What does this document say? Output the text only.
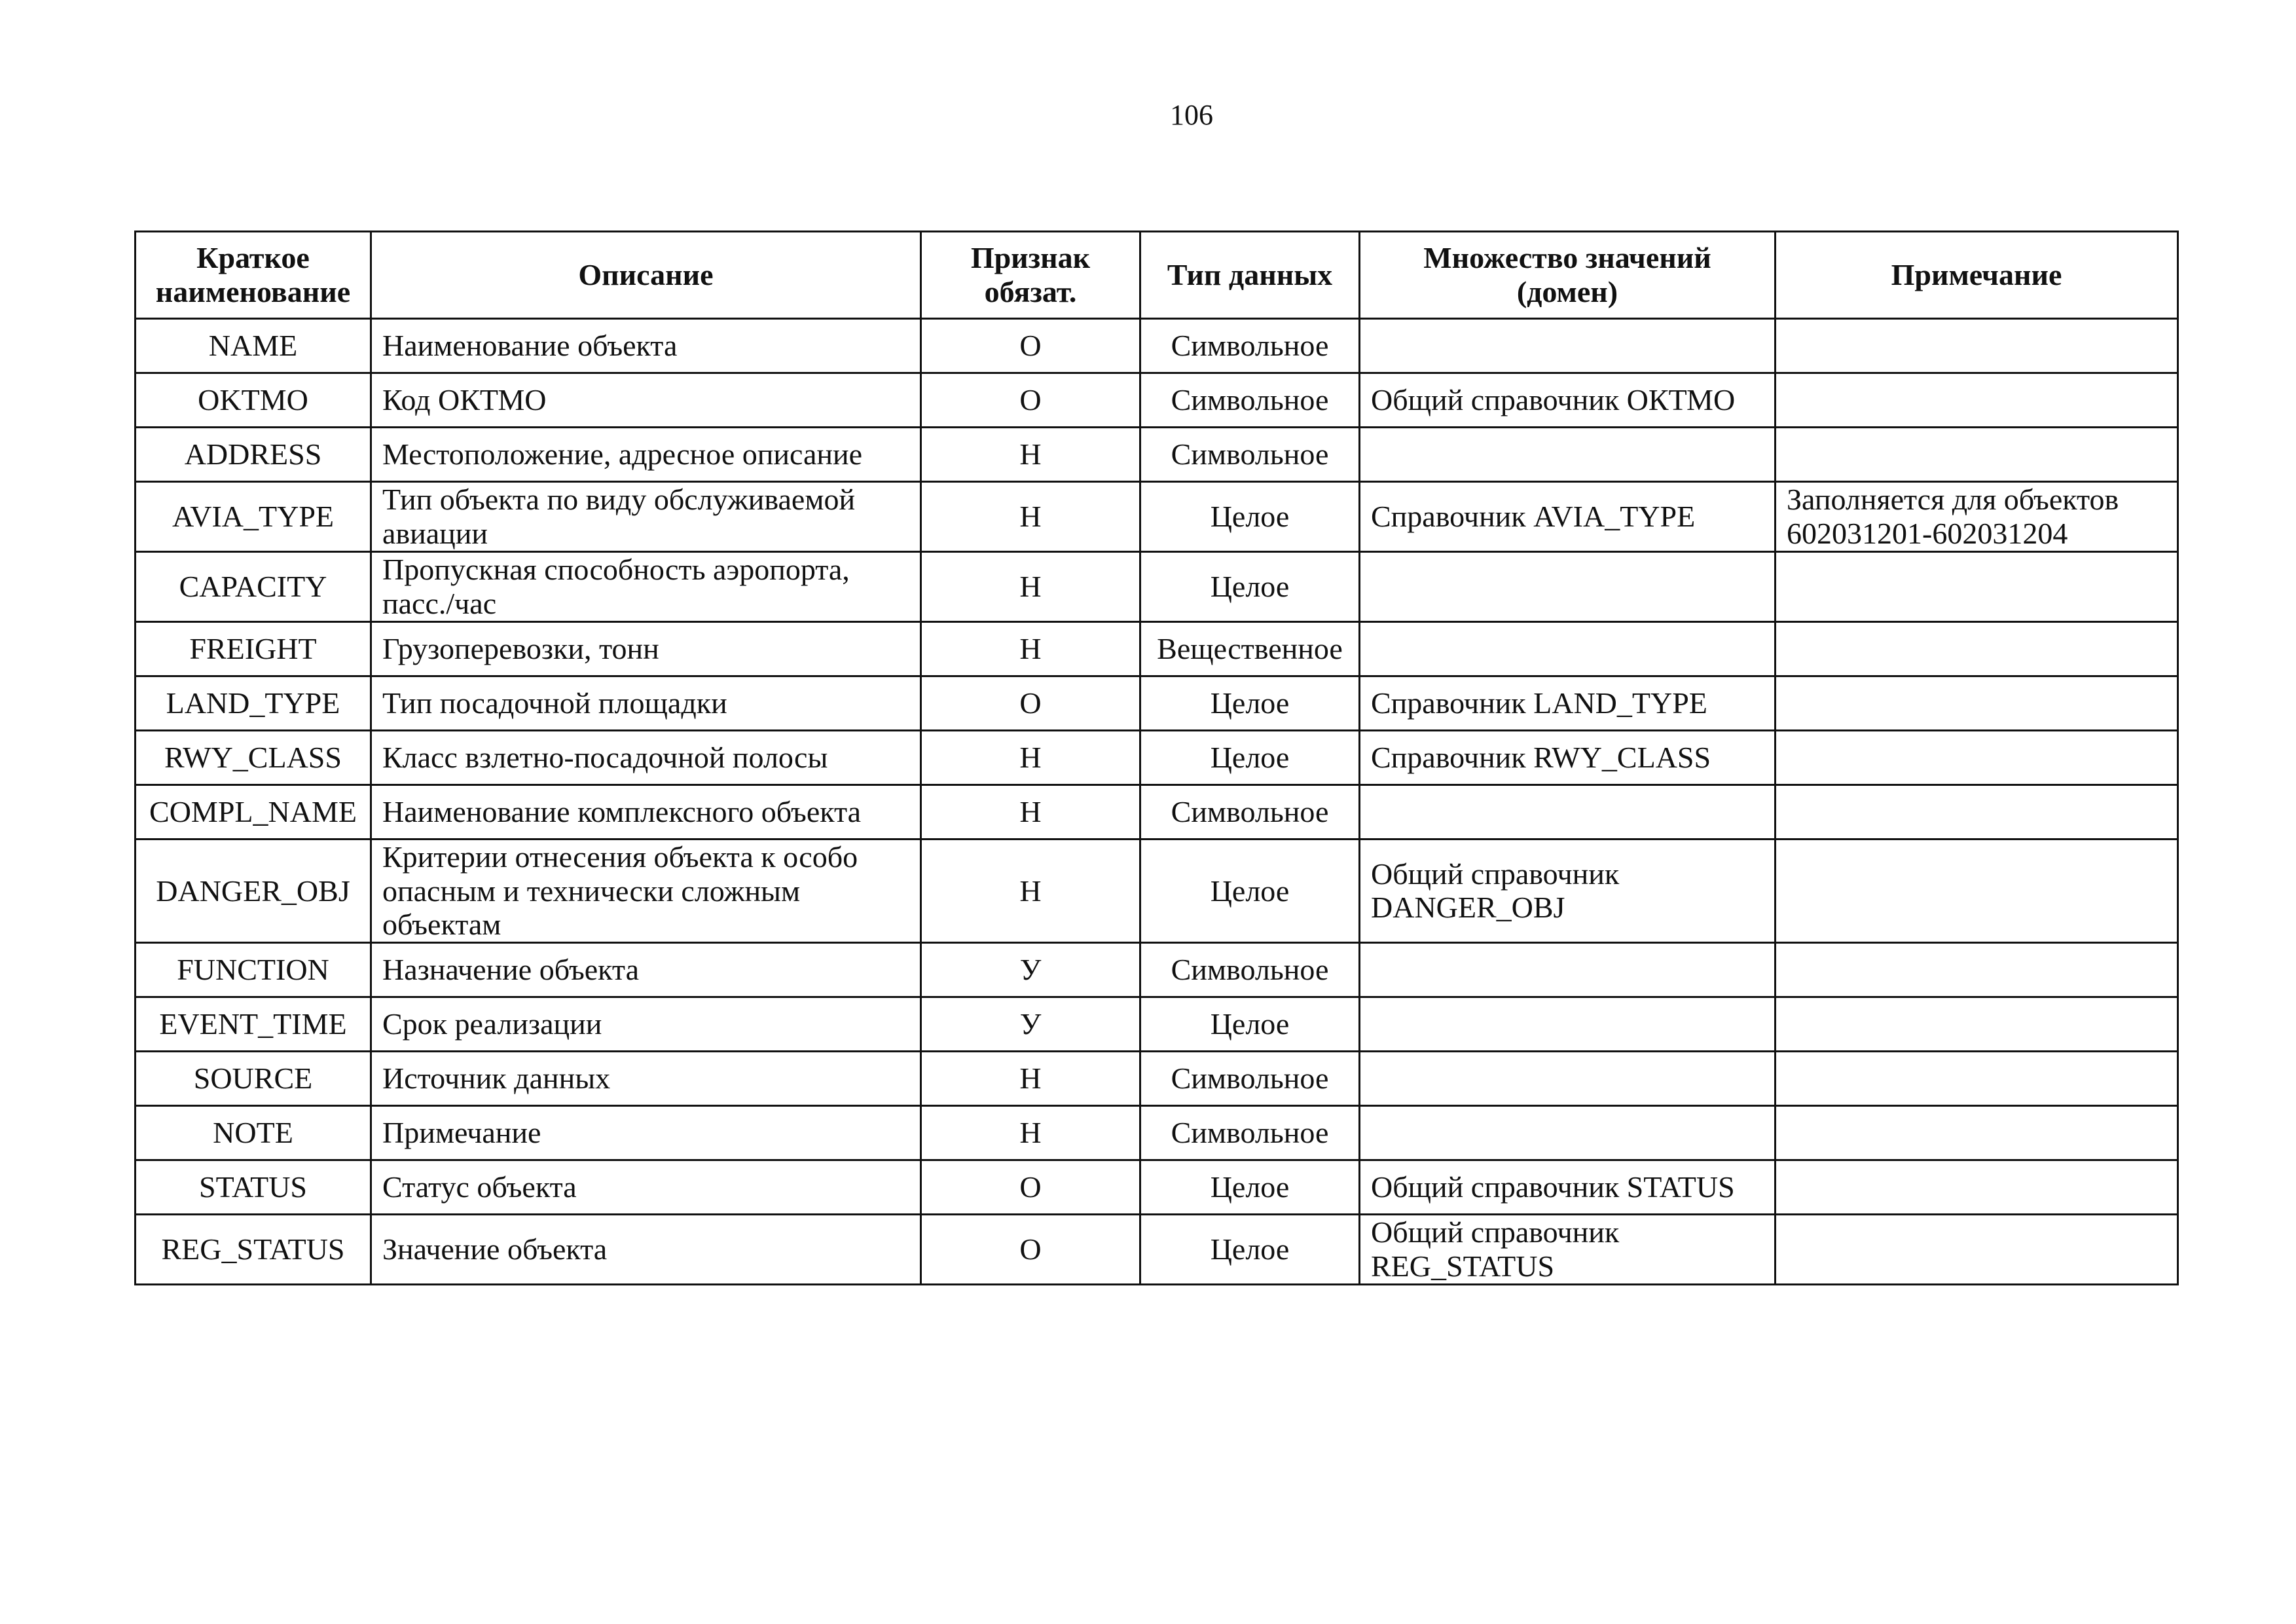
106
Краткое наименование	Описание	Признак обязат.	Тип данных	Множество значений (домен)	Примечание
NAME	Наименование объекта	О	Символьное		
OKTMO	Код ОКТМО	О	Символьное	Общий справочник ОКТМО	
ADDRESS	Местоположение, адресное описание	Н	Символьное		
AVIA_TYPE	Тип объекта по виду обслуживаемой авиации	Н	Целое	Справочник AVIA_TYPE	Заполняется для объектов 602031201-602031204
CAPACITY	Пропускная способность аэропорта, пасс./час	Н	Целое		
FREIGHT	Грузоперевозки, тонн	Н	Вещественное		
LAND_TYPE	Тип посадочной площадки	О	Целое	Справочник LAND_TYPE	
RWY_CLASS	Класс взлетно-посадочной полосы	Н	Целое	Справочник RWY_CLASS	
COMPL_NAME	Наименование комплексного объекта	Н	Символьное		
DANGER_OBJ	Критерии отнесения объекта к особо опасным и технически сложным объектам	Н	Целое	Общий справочник DANGER_OBJ	
FUNCTION	Назначение объекта	У	Символьное		
EVENT_TIME	Срок реализации	У	Целое		
SOURCE	Источник данных	Н	Символьное		
NOTE	Примечание	Н	Символьное		
STATUS	Статус объекта	О	Целое	Общий справочник STATUS	
REG_STATUS	Значение объекта	О	Целое	Общий справочник REG_STATUS	
